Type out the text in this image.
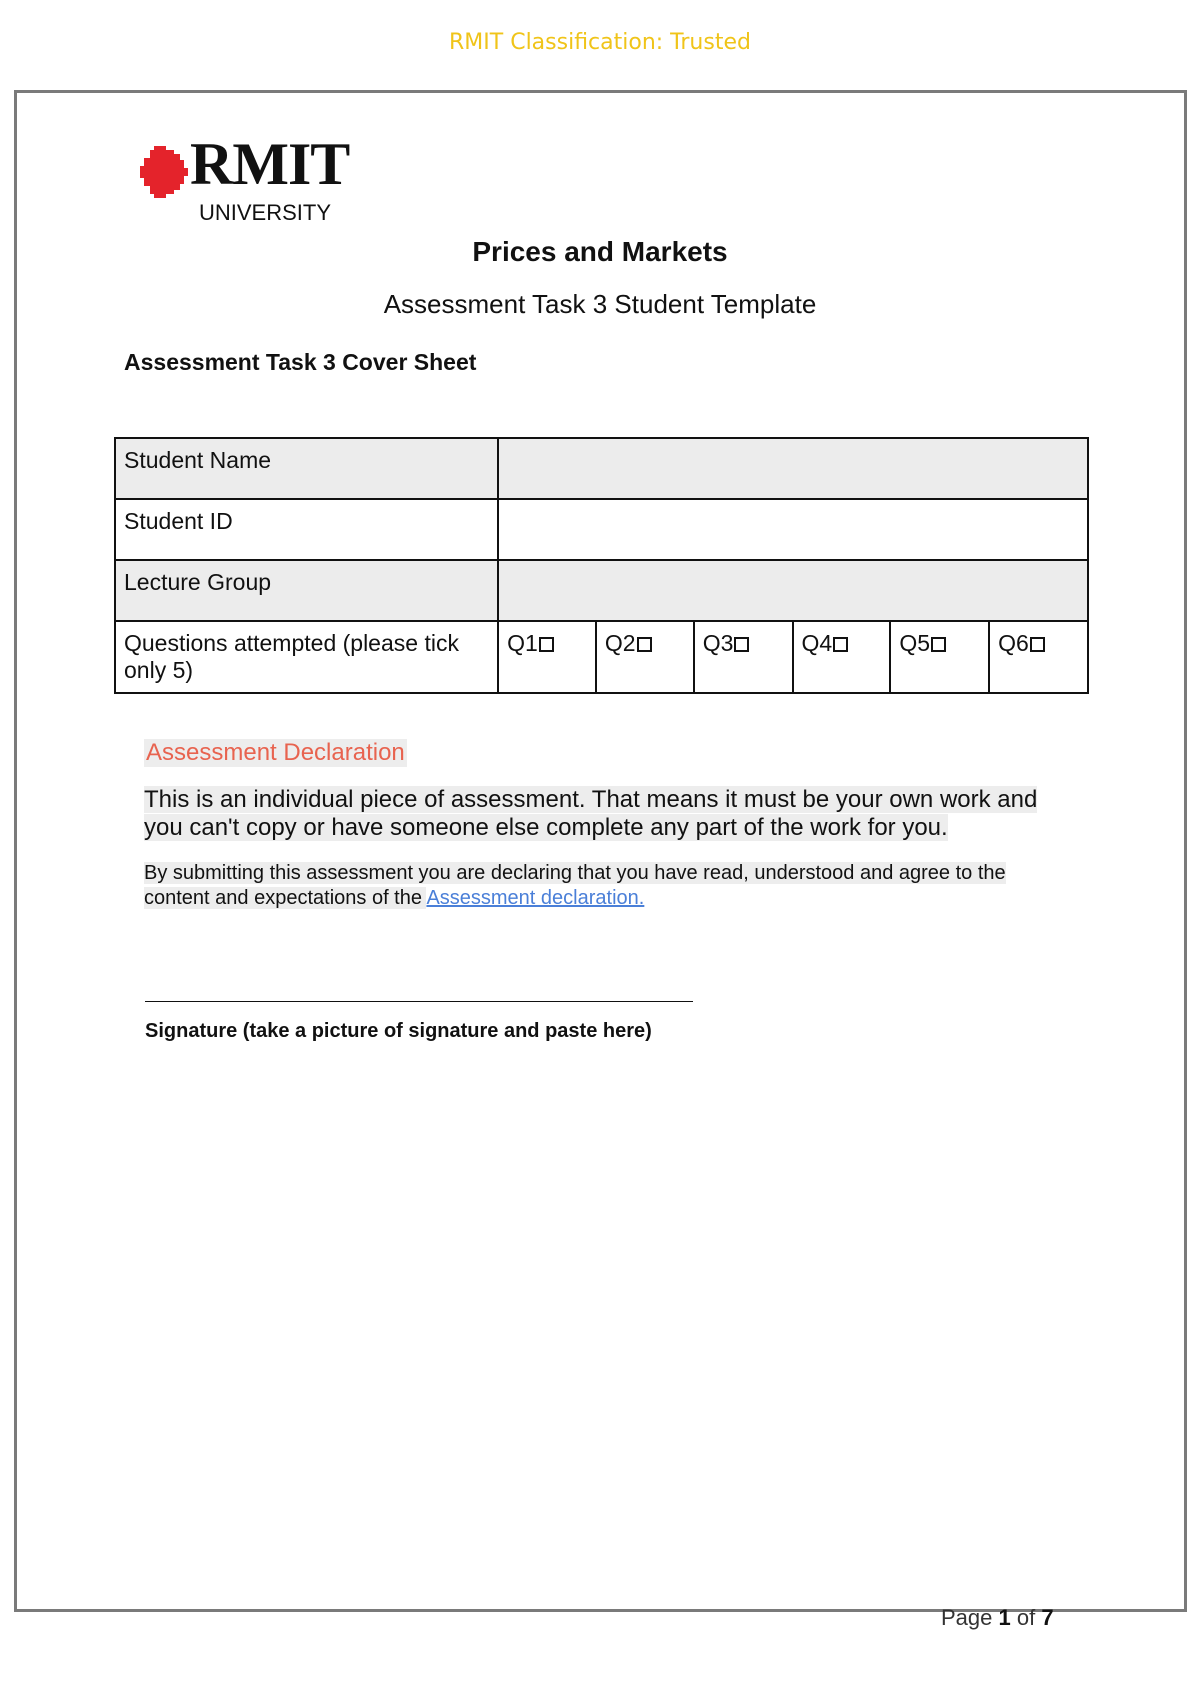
RMIT Classification: Trusted
RMIT
UNIVERSITY
Prices and Markets
Assessment Task 3 Student Template
Assessment Task 3 Cover Sheet
Student Name						
Student ID						
Lecture Group						
Questions attempted (please tick only 5)	Q1	Q2	Q3	Q4	Q5	Q6
Assessment Declaration
This is an individual piece of assessment. That means it must be your own work and you can't copy or have someone else complete any part of the work for you.
By submitting this assessment you are declaring that you have read, understood and agree to the content and expectations of the Assessment declaration.
Signature (take a picture of signature and paste here)
Page 1 of 7
